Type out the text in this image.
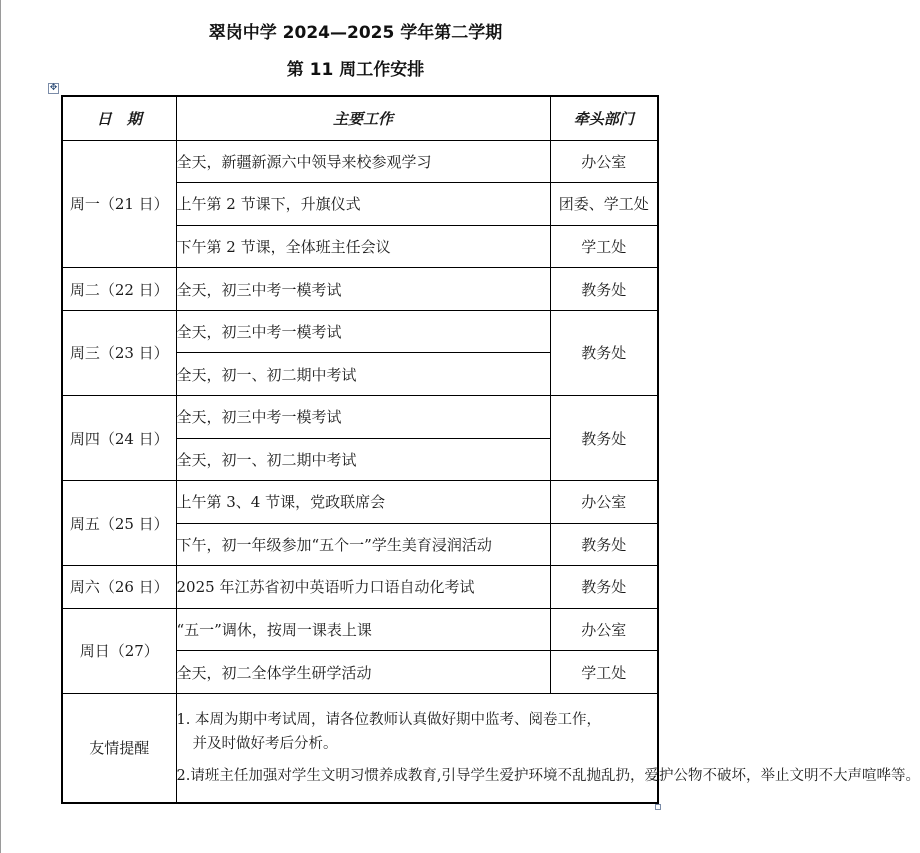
翠岗中学 2024—2025 学年第二学期
第 11 周工作安排
✥
日　期	主要工作	牵头部门
周一（21 日）	全天，新疆新源六中领导来校参观学习	办公室
	上午第 2 节课下，升旗仪式	团委、学工处
	下午第 2 节课，全体班主任会议	学工处
周二（22 日）	全天，初三中考一模考试	教务处
周三（23 日）	全天，初三中考一模考试	教务处
	全天，初一、初二期中考试	
周四（24 日）	全天，初三中考一模考试	教务处
	全天，初一、初二期中考试	
周五（25 日）	上午第 3、4 节课，党政联席会	办公室
	下午，初一年级参加“五个一”学生美育浸润活动	教务处
周六（26 日）	2025 年江苏省初中英语听力口语自动化考试	教务处
周日（27）	“五一”调休，按周一课表上课	办公室
	全天，初二全体学生研学活动	学工处
友情提醒	1. 本周为期中考试周，请各位教师认真做好期中监考、阅卷工作，
并及时做好考后分析。

2.请班主任加强对学生文明习惯养成教育,引导学生爱护环境不乱抛乱扔，爱护公物不破坏，举止文明不大声喧哗等。	
